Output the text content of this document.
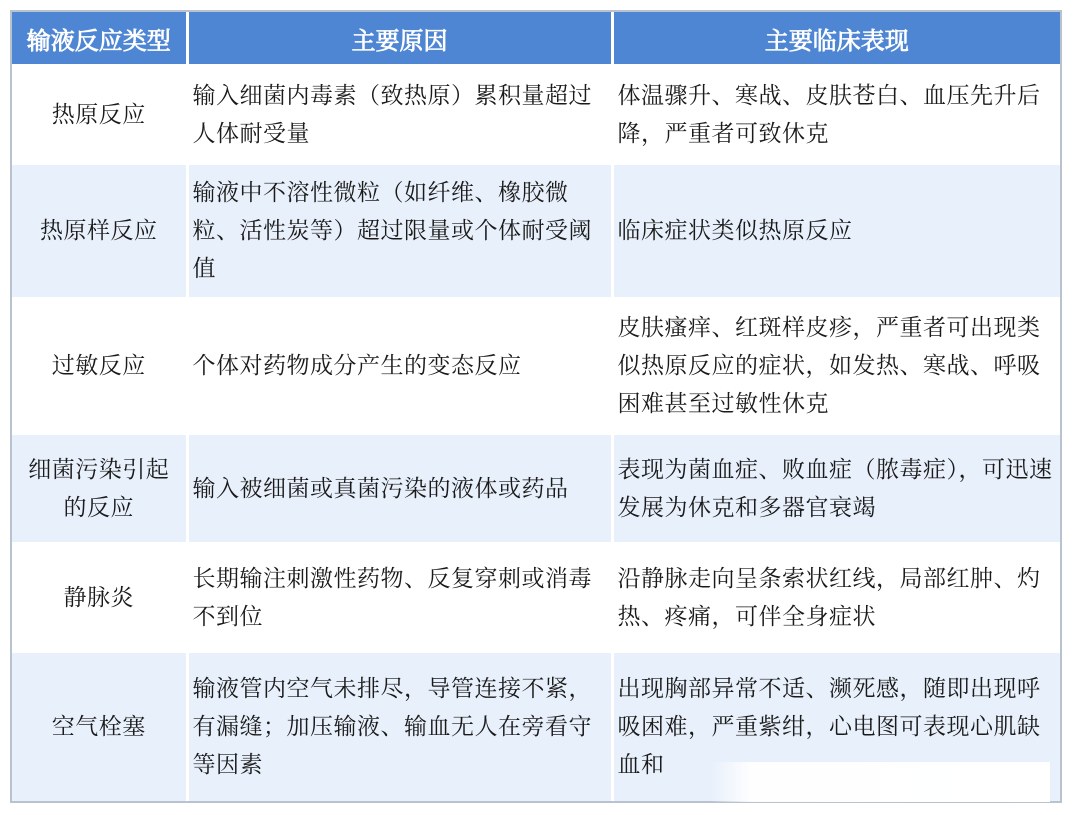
输液反应类型	主要原因	主要临床表现
热原反应	输入细菌内毒素（致热原）累积量超过人体耐受量	体温骤升、寒战、皮肤苍白、血压先升后降，严重者可致休克
热原样反应	输液中不溶性微粒（如纤维、橡胶微粒、活性炭等）超过限量或个体耐受阈值	临床症状类似热原反应
过敏反应	个体对药物成分产生的变态反应	皮肤瘙痒、红斑样皮疹，严重者可出现类似热原反应的症状，如发热、寒战、呼吸困难甚至过敏性休克
细菌污染引起的反应	输入被细菌或真菌污染的液体或药品	表现为菌血症、败血症（脓毒症），可迅速发展为休克和多器官衰竭
静脉炎	长期输注刺激性药物、反复穿刺或消毒不到位	沿静脉走向呈条索状红线，局部红肿、灼热、疼痛，可伴全身症状
空气栓塞	输液管内空气未排尽，导管连接不紧，有漏缝；加压输液、输血无人在旁看守等因素	出现胸部异常不适、濒死感，随即出现呼吸困难，严重紫绀，心电图可表现心肌缺血和
